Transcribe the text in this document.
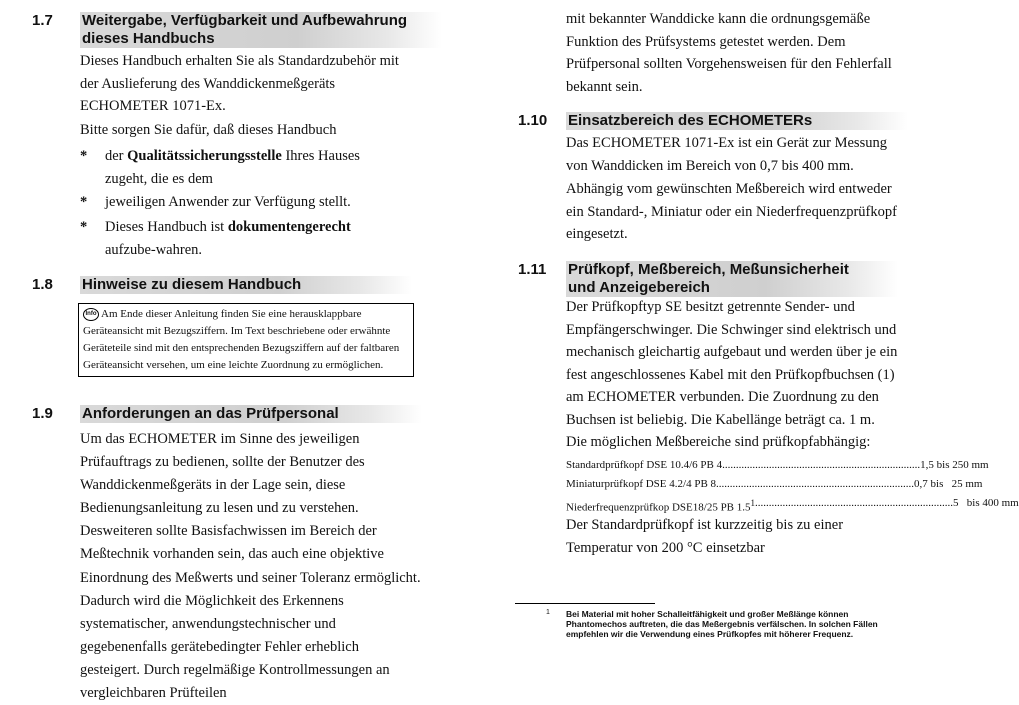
1.7	Weitergabe, Verfügbarkeit und Aufbewahrung dieses Handbuchs
Dieses Handbuch erhalten Sie als Standardzubehör mit der Auslieferung des Wanddickenmeßgeräts ECHOMETER 1071-Ex.
Bitte sorgen Sie dafür, daß dieses Handbuch
*	der Qualitätssicherungsstelle Ihres Hauses zugeht, die es dem
*	jeweiligen Anwender zur Verfügung stellt.
*	Dieses Handbuch ist dokumentengerecht aufzube-wahren.
1.8	Hinweise zu diesem Handbuch
Info Am Ende dieser Anleitung finden Sie eine herausklappbare Geräteansicht mit Bezugsziffern. Im Text beschriebene oder erwähnte Geräteteile sind mit den entsprechenden Bezugsziffern auf der faltbaren Geräteansicht versehen, um eine leichte Zuordnung zu ermöglichen.
1.9	Anforderungen an das Prüfpersonal
Um das ECHOMETER im Sinne des jeweiligen Prüfauftrags zu bedienen, sollte der Benutzer des Wanddickenmeßgeräts in der Lage sein, diese Bedienungsanleitung zu lesen und zu verstehen. Desweiteren sollte Basisfachwissen im Bereich der Meßtechnik vorhanden sein, das auch eine objektive Einordnung des Meßwerts und seiner Toleranz ermöglicht. Dadurch wird die Möglichkeit des Erkennens systematischer, anwendungstechnischer und gegebenenfalls gerätebedingter Fehler erheblich gesteigert. Durch regelmäßige Kontrollmessungen an vergleichbaren Prüfteilen
mit bekannter Wanddicke kann die ordnungsgemäße Funktion des Prüfsystems getestet werden. Dem Prüfpersonal sollten Vorgehensweisen für den Fehlerfall bekannt sein.
1.10	Einsatzbereich des ECHOMETERs
Das ECHOMETER 1071-Ex ist ein Gerät zur Messung von Wanddicken im Bereich von 0,7 bis 400 mm.
Abhängig vom gewünschten Meßbereich wird entweder ein Standard-, Miniatur oder ein Niederfrequenzprüfkopf eingesetzt.
1.11	Prüfkopf, Meßbereich, Meßunsicherheit und Anzeigebereich
Der Prüfkopftyp SE besitzt getrennte Sender- und Empfängerschwinger. Die Schwinger sind elektrisch und mechanisch gleichartig aufgebaut und werden über je ein fest angeschlossenes Kabel mit den Prüfkopfbuchsen (1) am ECHOMETER verbunden. Die Zuordnung zu den Buchsen ist beliebig. Die Kabellänge beträgt ca. 1 m.
Die möglichen Meßbereiche sind prüfkopfabhängig:
Standardprüfkopf DSE 10.4/6 PB 4 ........................................................................ 1,5 bis 250 mm
Miniaturprüfkopf DSE 4.2/4 PB 8 ........................................................................ 0,7 bis   25 mm
Niederfrequenzprüfkop DSE18/25 PB $1.5^1$ ........................................................................ 5   bis 400 mm
Der Standardprüfkopf ist kurzzeitig bis zu einer Temperatur von 200 °C einsetzbar
1 Bei Material mit hoher Schalleitfähigkeit und großer Meßlänge können Phantomechos auftreten, die das Meßergebnis verfälschen. In solchen Fällen empfehlen wir die Verwendung eines Prüfkopfes mit höherer Frequenz.
